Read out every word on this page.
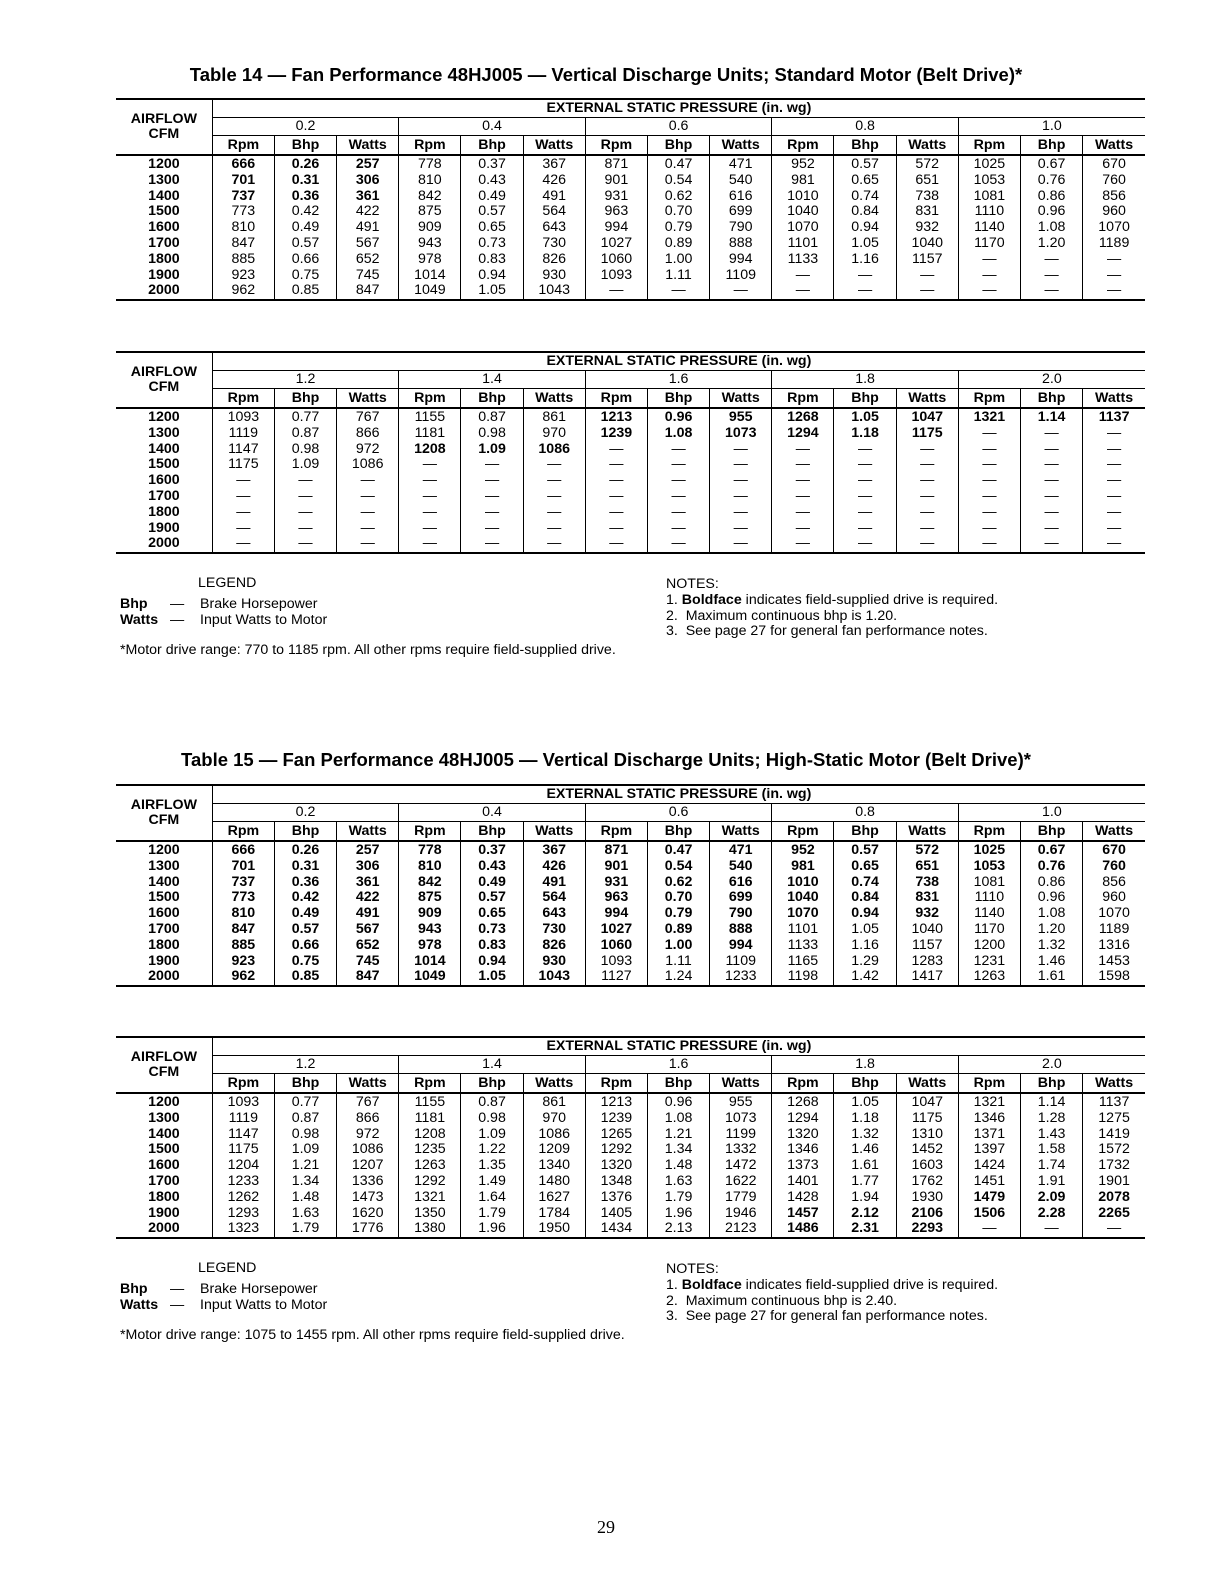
Table 14 — Fan Performance 48HJ005 — Vertical Discharge Units; Standard Motor (Belt Drive)*

AIRFLOW
CFM	EXTERNAL STATIC PRESSURE (in. wg)														
	0.2			0.4			0.6			0.8			1.0		
	Rpm	Bhp	Watts	Rpm	Bhp	Watts	Rpm	Bhp	Watts	Rpm	Bhp	Watts	Rpm	Bhp	Watts
1200	666	0.26	257	778	0.37	367	871	0.47	471	952	0.57	572	1025	0.67	670
1300	701	0.31	306	810	0.43	426	901	0.54	540	981	0.65	651	1053	0.76	760
1400	737	0.36	361	842	0.49	491	931	0.62	616	1010	0.74	738	1081	0.86	856
1500	773	0.42	422	875	0.57	564	963	0.70	699	1040	0.84	831	1110	0.96	960
1600	810	0.49	491	909	0.65	643	994	0.79	790	1070	0.94	932	1140	1.08	1070
1700	847	0.57	567	943	0.73	730	1027	0.89	888	1101	1.05	1040	1170	1.20	1189
1800	885	0.66	652	978	0.83	826	1060	1.00	994	1133	1.16	1157	—	—	—
1900	923	0.75	745	1014	0.94	930	1093	1.11	1109	—	—	—	—	—	—
2000	962	0.85	847	1049	1.05	1043	—	—	—	—	—	—	—	—	—

AIRFLOW
CFM	EXTERNAL STATIC PRESSURE (in. wg)														
	1.2			1.4			1.6			1.8			2.0		
	Rpm	Bhp	Watts	Rpm	Bhp	Watts	Rpm	Bhp	Watts	Rpm	Bhp	Watts	Rpm	Bhp	Watts
1200	1093	0.77	767	1155	0.87	861	1213	0.96	955	1268	1.05	1047	1321	1.14	1137
1300	1119	0.87	866	1181	0.98	970	1239	1.08	1073	1294	1.18	1175	—	—	—
1400	1147	0.98	972	1208	1.09	1086	—	—	—	—	—	—	—	—	—
1500	1175	1.09	1086	—	—	—	—	—	—	—	—	—	—	—	—
1600	—	—	—	—	—	—	—	—	—	—	—	—	—	—	—
1700	—	—	—	—	—	—	—	—	—	—	—	—	—	—	—
1800	—	—	—	—	—	—	—	—	—	—	—	—	—	—	—
1900	—	—	—	—	—	—	—	—	—	—	—	—	—	—	—
2000	—	—	—	—	—	—	—	—	—	—	—	—	—	—	—
LEGEND
Bhp	—	Brake Horsepower
Watts —	Input Watts to Motor
*Motor drive range: 770 to 1185 rpm. All other rpms require field-supplied drive.
NOTES:
1. Boldface indicates field-supplied drive is required.
2.  Maximum continuous bhp is 1.20.
3.  See page 27 for general fan performance notes.
Table 15 — Fan Performance 48HJ005 — Vertical Discharge Units; High-Static Motor (Belt Drive)*

AIRFLOW
CFM	EXTERNAL STATIC PRESSURE (in. wg)														
	0.2			0.4			0.6			0.8			1.0		
	Rpm	Bhp	Watts	Rpm	Bhp	Watts	Rpm	Bhp	Watts	Rpm	Bhp	Watts	Rpm	Bhp	Watts
1200	666	0.26	257	778	0.37	367	871	0.47	471	952	0.57	572	1025	0.67	670
1300	701	0.31	306	810	0.43	426	901	0.54	540	981	0.65	651	1053	0.76	760
1400	737	0.36	361	842	0.49	491	931	0.62	616	1010	0.74	738	1081	0.86	856
1500	773	0.42	422	875	0.57	564	963	0.70	699	1040	0.84	831	1110	0.96	960
1600	810	0.49	491	909	0.65	643	994	0.79	790	1070	0.94	932	1140	1.08	1070
1700	847	0.57	567	943	0.73	730	1027	0.89	888	1101	1.05	1040	1170	1.20	1189
1800	885	0.66	652	978	0.83	826	1060	1.00	994	1133	1.16	1157	1200	1.32	1316
1900	923	0.75	745	1014	0.94	930	1093	1.11	1109	1165	1.29	1283	1231	1.46	1453
2000	962	0.85	847	1049	1.05	1043	1127	1.24	1233	1198	1.42	1417	1263	1.61	1598

AIRFLOW
CFM	EXTERNAL STATIC PRESSURE (in. wg)														
	1.2			1.4			1.6			1.8			2.0		
	Rpm	Bhp	Watts	Rpm	Bhp	Watts	Rpm	Bhp	Watts	Rpm	Bhp	Watts	Rpm	Bhp	Watts
1200	1093	0.77	767	1155	0.87	861	1213	0.96	955	1268	1.05	1047	1321	1.14	1137
1300	1119	0.87	866	1181	0.98	970	1239	1.08	1073	1294	1.18	1175	1346	1.28	1275
1400	1147	0.98	972	1208	1.09	1086	1265	1.21	1199	1320	1.32	1310	1371	1.43	1419
1500	1175	1.09	1086	1235	1.22	1209	1292	1.34	1332	1346	1.46	1452	1397	1.58	1572
1600	1204	1.21	1207	1263	1.35	1340	1320	1.48	1472	1373	1.61	1603	1424	1.74	1732
1700	1233	1.34	1336	1292	1.49	1480	1348	1.63	1622	1401	1.77	1762	1451	1.91	1901
1800	1262	1.48	1473	1321	1.64	1627	1376	1.79	1779	1428	1.94	1930	1479	2.09	2078
1900	1293	1.63	1620	1350	1.79	1784	1405	1.96	1946	1457	2.12	2106	1506	2.28	2265
2000	1323	1.79	1776	1380	1.96	1950	1434	2.13	2123	1486	2.31	2293	—	—	—
LEGEND
Bhp	—	Brake Horsepower
Watts —	Input Watts to Motor
*Motor drive range: 1075 to 1455 rpm. All other rpms require field-supplied drive.
NOTES:
1. Boldface indicates field-supplied drive is required.
2.  Maximum continuous bhp is 2.40.
3.  See page 27 for general fan performance notes.
29
